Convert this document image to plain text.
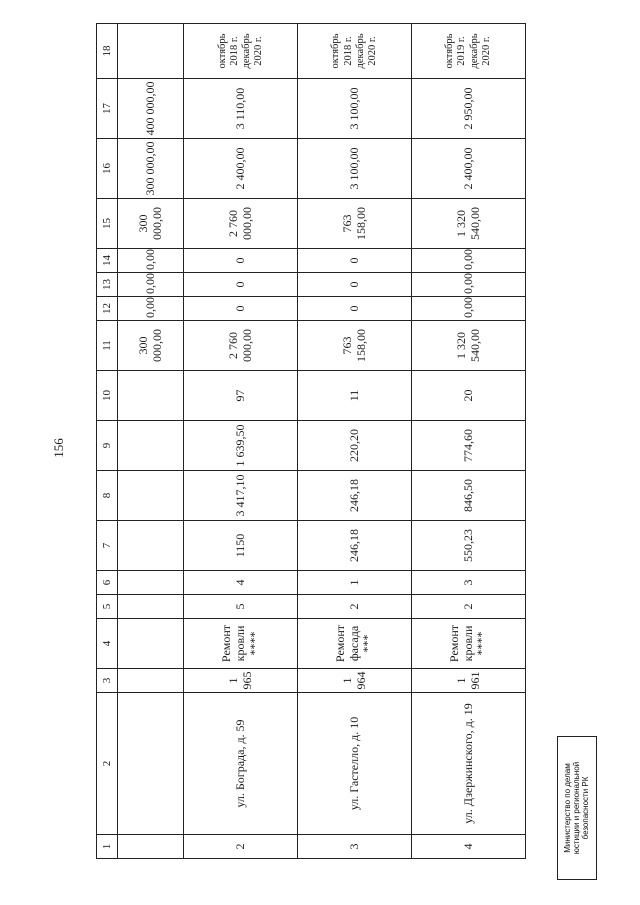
156
1	2	3	4	5	6	7	8	9	10	11	12	13	14	15	16	17	18
										300 000,00	0,00	0,00	0,00	300 000,00	300 000,00	400 000,00	

2	ул. Бограда, д. 59	1 965	Ремонт кровли ****	5	4	1150	3 417,10	1 639,50	97	2 760 000,00	0	0	0	2 760 000,00	2 400,00	3 110,00	октябрь 2018 г.
декабрь 2020 г.
3	ул. Гастелло, д. 10	1 964	Ремонт фасада ***	2	1	246,18	246,18	220,20	11	763 158,00	0	0	0	763 158,00	3 100,00	3 100,00	октябрь 2018 г.
декабрь 2020 г.
4	ул. Дзержинского, д. 19	1 961	Ремонт кровли ****	2	3	550,23	846,50	774,60	20	1 320 540,00	0,00	0,00	0,00	1 320 540,00	2 400,00	2 950,00	октябрь 2019 г.
декабрь 2020 г.
Министерство по делам юстиции и региональной безопасности РК
